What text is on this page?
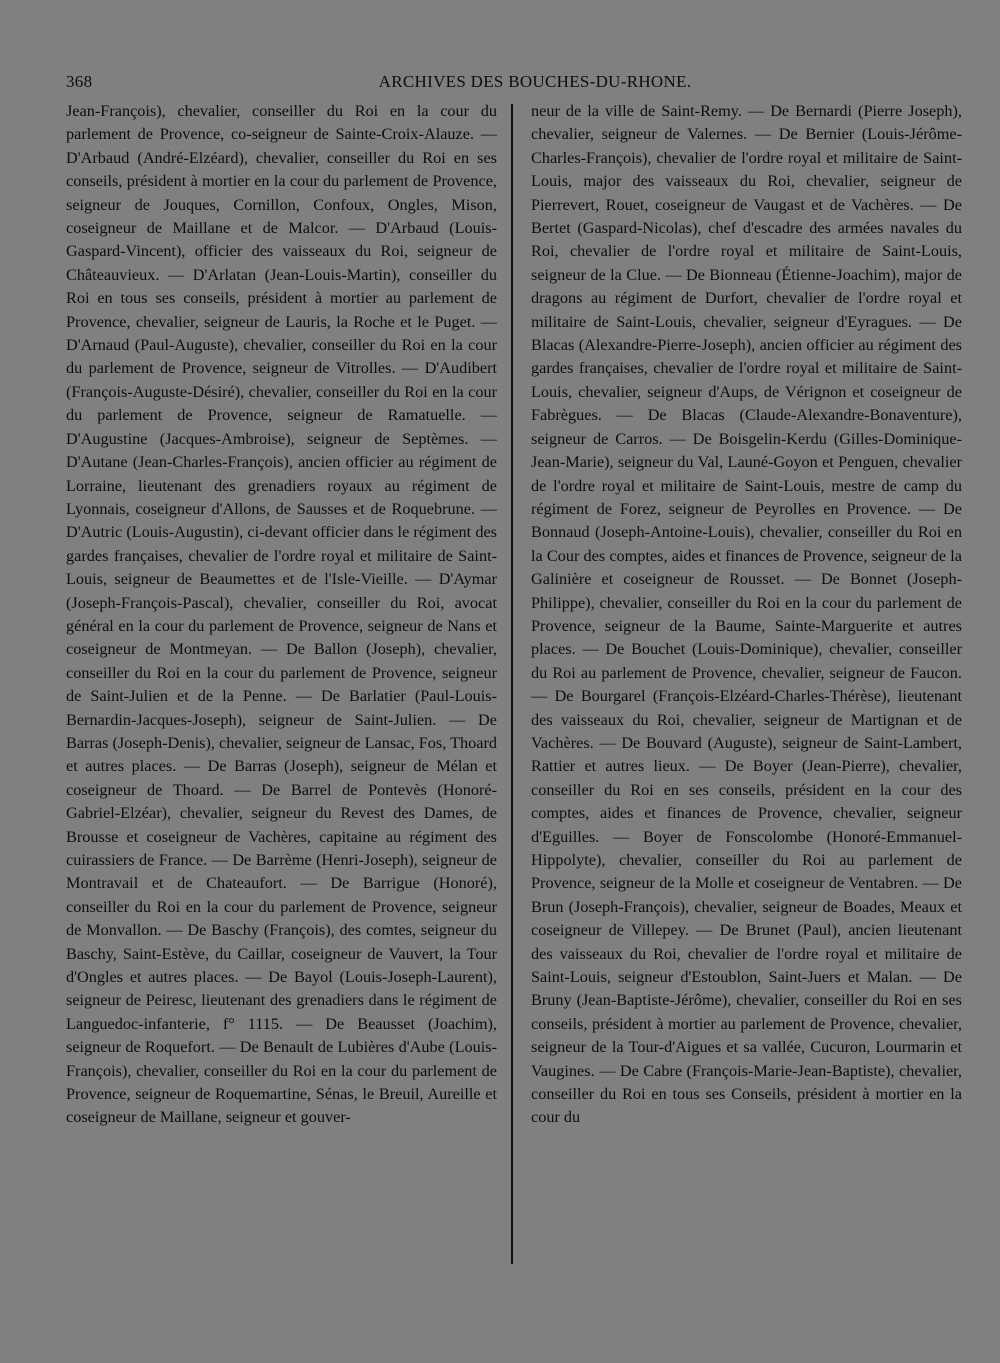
368	ARCHIVES DES BOUCHES-DU-RHONE.

Jean-François), chevalier, conseiller du Roi en la cour du parlement de Provence, co-seigneur de Sainte-Croix-Alauze. — D'Arbaud (André-Elzéard), chevalier, conseiller du Roi en ses conseils, président à mortier en la cour du parlement de Provence, seigneur de Jouques, Cornillon, Confoux, Ongles, Mison, coseigneur de Maillane et de Malcor. — D'Arbaud (Louis-Gaspard-Vincent), officier des vaisseaux du Roi, seigneur de Châteauvieux. — D'Arlatan (Jean-Louis-Martin), conseiller du Roi en tous ses conseils, président à mortier au parlement de Provence, chevalier, seigneur de Lauris, la Roche et le Puget. — D'Arnaud (Paul-Auguste), chevalier, conseiller du Roi en la cour du parlement de Provence, seigneur de Vitrolles. — D'Audibert (François-Auguste-Désiré), chevalier, conseiller du Roi en la cour du parlement de Provence, seigneur de Ramatuelle. — D'Augustine (Jacques-Ambroise), seigneur de Septèmes. — D'Autane (Jean-Charles-François), ancien officier au régiment de Lorraine, lieutenant des grenadiers royaux au régiment de Lyonnais, coseigneur d'Allons, de Sausses et de Roquebrune. — D'Autric (Louis-Augustin), ci-devant officier dans le régiment des gardes françaises, chevalier de l'ordre royal et militaire de Saint-Louis, seigneur de Beaumettes et de l'Isle-Vieille. — D'Aymar (Joseph-François-Pascal), chevalier, conseiller du Roi, avocat général en la cour du parlement de Provence, seigneur de Nans et coseigneur de Montmeyan. — De Ballon (Joseph), chevalier, conseiller du Roi en la cour du parlement de Provence, seigneur de Saint-Julien et de la Penne. — De Barlatier (Paul-Louis-Bernardin-Jacques-Joseph), seigneur de Saint-Julien. — De Barras (Joseph-Denis), chevalier, seigneur de Lansac, Fos, Thoard et autres places. — De Barras (Joseph), seigneur de Mélan et coseigneur de Thoard. — De Barrel de Pontevès (Honoré-Gabriel-Elzéar), chevalier, seigneur du Revest des Dames, de Brousse et coseigneur de Vachères, capitaine au régiment des cuirassiers de France. — De Barrème (Henri-Joseph), seigneur de Montravail et de Chateaufort. — De Barrigue (Honoré), conseiller du Roi en la cour du parlement de Provence, seigneur de Monvallon. — De Baschy (François), des comtes, seigneur du Baschy, Saint-Estève, du Caillar, coseigneur de Vauvert, la Tour d'Ongles et autres places. — De Bayol (Louis-Joseph-Laurent), seigneur de Peiresc, lieutenant des grenadiers dans le régiment de Languedoc-infanterie, f° 1115. — De Beausset (Joachim), seigneur de Roquefort. — De Benault de Lubières d'Aube (Louis-François), chevalier, conseiller du Roi en la cour du parlement de Provence, seigneur de Roquemartine, Sénas, le Breuil, Aureille et coseigneur de Maillane, seigneur et gouver-

neur de la ville de Saint-Remy. — De Bernardi (Pierre Joseph), chevalier, seigneur de Valernes. — De Bernier (Louis-Jérôme-Charles-François), chevalier de l'ordre royal et militaire de Saint-Louis, major des vaisseaux du Roi, chevalier, seigneur de Pierrevert, Rouet, coseigneur de Vaugast et de Vachères. — De Bertet (Gaspard-Nicolas), chef d'escadre des armées navales du Roi, chevalier de l'ordre royal et militaire de Saint-Louis, seigneur de la Clue. — De Bionneau (Étienne-Joachim), major de dragons au régiment de Durfort, chevalier de l'ordre royal et militaire de Saint-Louis, chevalier, seigneur d'Eyragues. — De Blacas (Alexandre-Pierre-Joseph), ancien officier au régiment des gardes françaises, chevalier de l'ordre royal et militaire de Saint-Louis, chevalier, seigneur d'Aups, de Vérignon et coseigneur de Fabrègues. — De Blacas (Claude-Alexandre-Bonaventure), seigneur de Carros. — De Boisgelin-Kerdu (Gilles-Dominique-Jean-Marie), seigneur du Val, Launé-Goyon et Penguen, chevalier de l'ordre royal et militaire de Saint-Louis, mestre de camp du régiment de Forez, seigneur de Peyrolles en Provence. — De Bonnaud (Joseph-Antoine-Louis), chevalier, conseiller du Roi en la Cour des comptes, aides et finances de Provence, seigneur de la Galinière et coseigneur de Rousset. — De Bonnet (Joseph-Philippe), chevalier, conseiller du Roi en la cour du parlement de Provence, seigneur de la Baume, Sainte-Marguerite et autres places. — De Bouchet (Louis-Dominique), chevalier, conseiller du Roi au parlement de Provence, chevalier, seigneur de Faucon. — De Bourgarel (François-Elzéard-Charles-Thérèse), lieutenant des vaisseaux du Roi, chevalier, seigneur de Martignan et de Vachères. — De Bouvard (Auguste), seigneur de Saint-Lambert, Rattier et autres lieux. — De Boyer (Jean-Pierre), chevalier, conseiller du Roi en ses conseils, président en la cour des comptes, aides et finances de Provence, chevalier, seigneur d'Eguilles. — Boyer de Fonscolombe (Honoré-Emmanuel-Hippolyte), chevalier, conseiller du Roi au parlement de Provence, seigneur de la Molle et coseigneur de Ventabren. — De Brun (Joseph-François), chevalier, seigneur de Boades, Meaux et coseigneur de Villepey. — De Brunet (Paul), ancien lieutenant des vaisseaux du Roi, chevalier de l'ordre royal et militaire de Saint-Louis, seigneur d'Estoublon, Saint-Juers et Malan. — De Bruny (Jean-Baptiste-Jérôme), chevalier, conseiller du Roi en ses conseils, président à mortier au parlement de Provence, chevalier, seigneur de la Tour-d'Aigues et sa vallée, Cucuron, Lourmarin et Vaugines. — De Cabre (François-Marie-Jean-Baptiste), chevalier, conseiller du Roi en tous ses Conseils, président à mortier en la cour du
